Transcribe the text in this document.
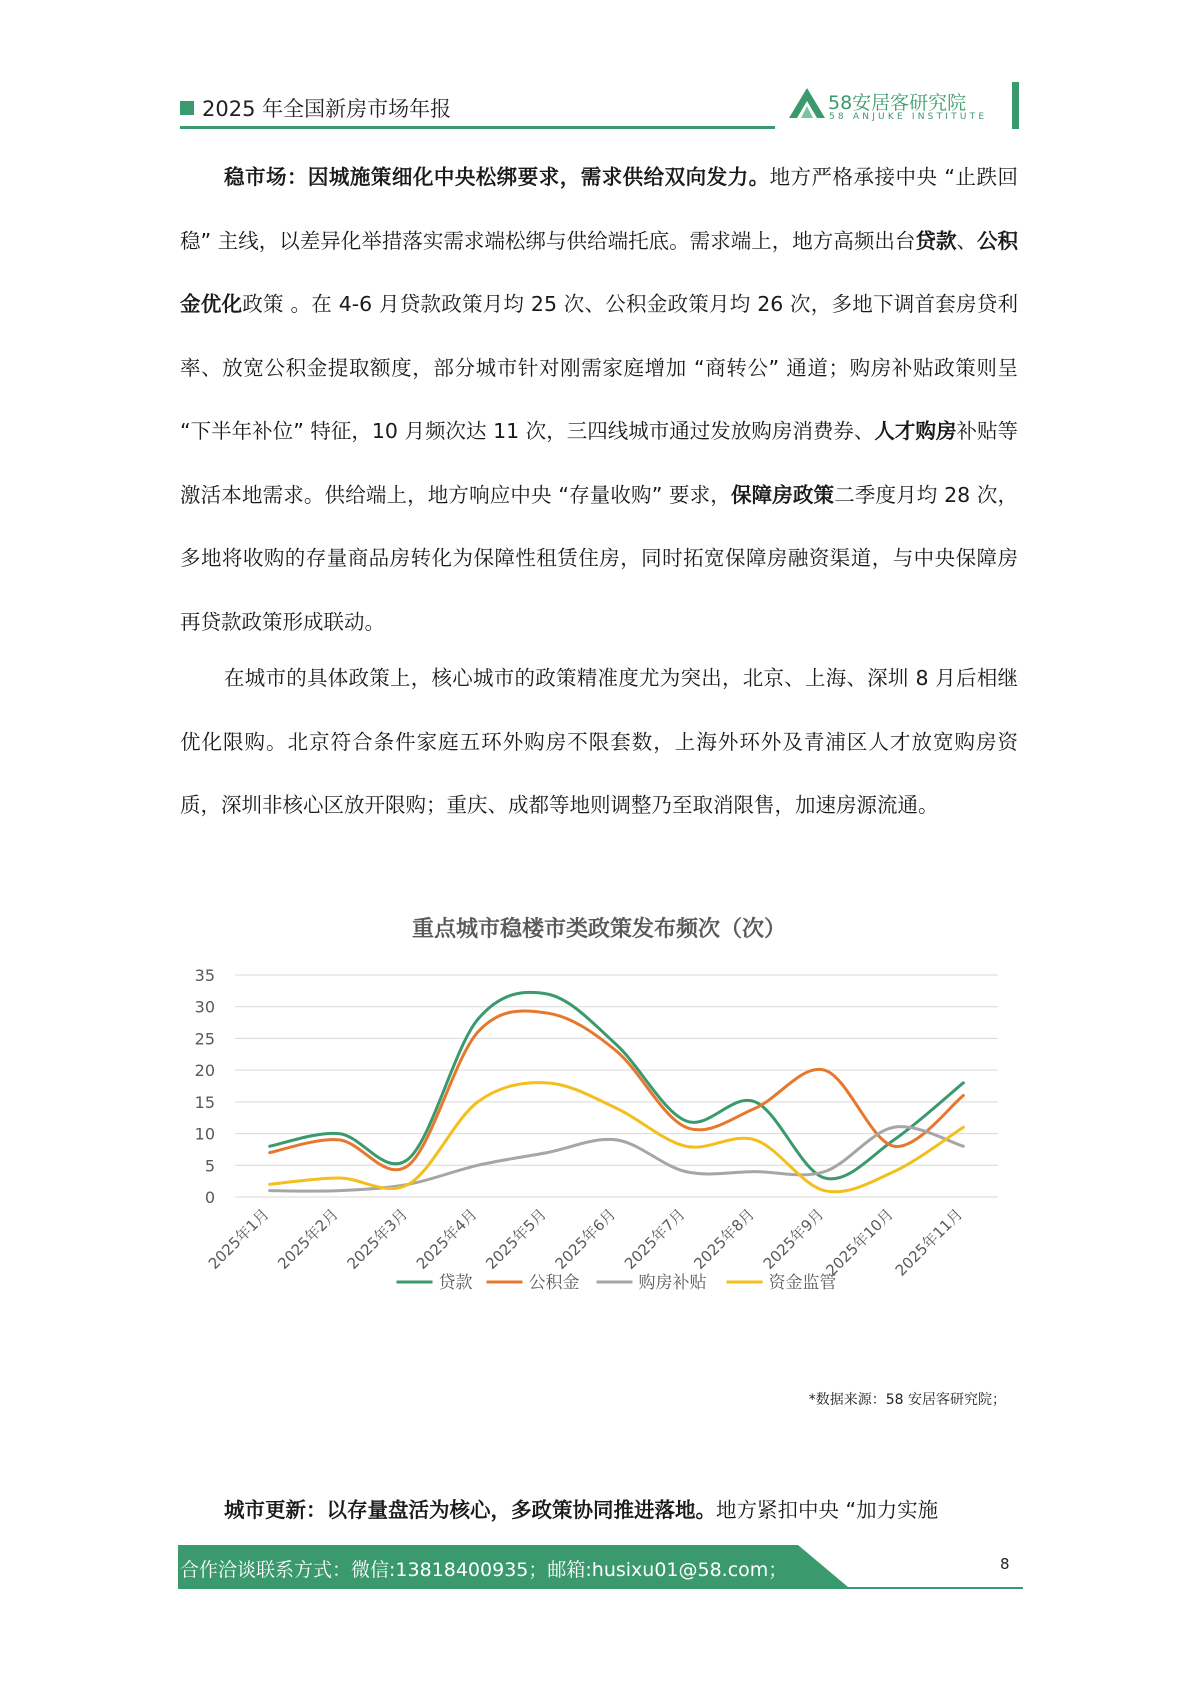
2025 年全国新房市场年报	58安居客研究院
58 ANJUKE INSTITUTE

稳市场：因城施策细化中央松绑要求，需求供给双向发力。地方严格承接中央 “止跌回稳” 主线，以差异化举措落实需求端松绑与供给端托底。需求端上，地方高频出台贷款、公积金优化政策 。在 4-6 月贷款政策月均 25 次、公积金政策月均 26 次，多地下调首套房贷利率、放宽公积金提取额度，部分城市针对刚需家庭增加 “商转公” 通道；购房补贴政策则呈 “下半年补位” 特征，10 月频次达 11 次，三四线城市通过发放购房消费券、人才购房补贴等激活本地需求。供给端上，地方响应中央 “存量收购” 要求，保障房政策二季度月均 28 次，多地将收购的存量商品房转化为保障性租赁住房，同时拓宽保障房融资渠道，与中央保障房再贷款政策形成联动。

在城市的具体政策上，核心城市的政策精准度尤为突出，北京、上海、深圳 8 月后相继优化限购。北京符合条件家庭五环外购房不限套数，上海外环外及青浦区人才放宽购房资质，深圳非核心区放开限购；重庆、成都等地则调整乃至取消限售，加速房源流通。

重点城市稳楼市类政策发布频次（次）
0
5
10
15
20
25
30
35
2025年1月 2025年2月 2025年3月 2025年4月 2025年5月 2025年6月 2025年7月 2025年8月 2025年9月
2025年10月
2025年11月
贷款	公积金	购房补贴	资金监管
*数据来源：58 安居客研究院；

城市更新：以存量盘活为核心，多政策协同推进落地。地方紧扣中央 “加力实施

合作洽谈联系方式：微信:13818400935；邮箱:husixu01@58.com；	8
